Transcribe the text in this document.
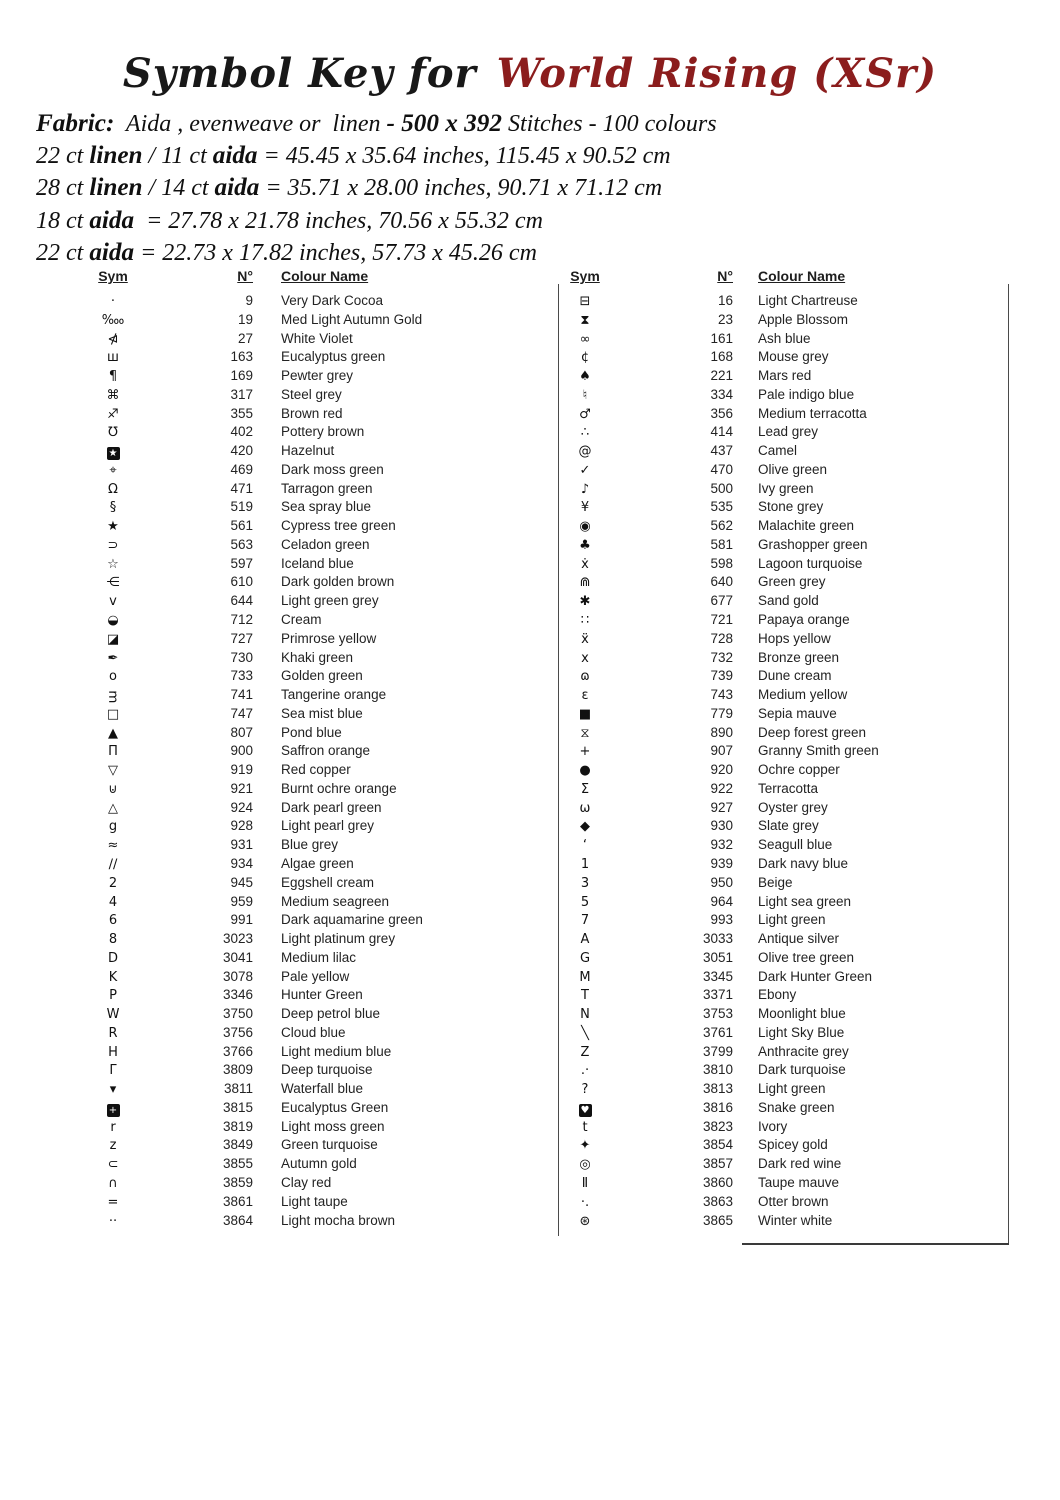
Symbol Key for World Rising (XSr)
Fabric:  Aida , evenweave or  linen - 500 x 392 Stitches - 100 colours
22 ct linen / 11 ct aida = 45.45 x 35.64 inches, 115.45 x 90.52 cm
28 ct linen / 14 ct aida = 35.71 x 28.00 inches, 90.71 x 71.12 cm
18 ct aida  = 27.78 x 21.78 inches, 70.56 x 55.32 cm
22 ct aida = 22.73 x 17.82 inches, 57.73 x 45.26 cm
Sym	N°	Colour Name
·	9	Very Dark Cocoa
‱	19	Med Light Autumn Gold
⋪	27	White Violet
ш	163	Eucalyptus green
¶	169	Pewter grey
⌘	317	Steel grey
♐	355	Brown red
℧	402	Pottery brown
★	420	Hazelnut
⌖	469	Dark moss green
Ω	471	Tarragon green
§	519	Sea spray blue
★	561	Cypress tree green
⊃	563	Celadon green
☆	597	Iceland blue
⋲	610	Dark golden brown
ᴠ	644	Light green grey
◒	712	Cream
◪	727	Primrose yellow
✒	730	Khaki green
o	733	Golden green
ᴟ	741	Tangerine orange
□	747	Sea mist blue
▲	807	Pond blue
Π	900	Saffron orange
▽	919	Red copper
⊍	921	Burnt ochre orange
△	924	Dark pearl green
g	928	Light pearl grey
≈	931	Blue grey
∕∕	934	Algae green
2	945	Eggshell cream
4	959	Medium seagreen
6	991	Dark aquamarine green
8	3023	Light platinum grey
D	3041	Medium lilac
K	3078	Pale yellow
P	3346	Hunter Green
W	3750	Deep petrol blue
R	3756	Cloud blue
H	3766	Light medium blue
Γ	3809	Deep turquoise
▾	3811	Waterfall blue
+	3815	Eucalyptus Green
r	3819	Light moss green
z	3849	Green turquoise
⊂	3855	Autumn gold
∩	3859	Clay red
=	3861	Light taupe
··	3864	Light mocha brown
Sym	N°	Colour Name
⊟	16	Light Chartreuse
⧗	23	Apple Blossom
∞	161	Ash blue
¢	168	Mouse grey
♠	221	Mars red
♮	334	Pale indigo blue
♂	356	Medium terracotta
∴	414	Lead grey
@	437	Camel
✓	470	Olive green
♪	500	Ivy green
¥	535	Stone grey
◉	562	Malachite green
♣	581	Grashopper green
ẋ	598	Lagoon turquoise
⋒	640	Green grey
✱	677	Sand gold
∷	721	Papaya orange
ẍ	728	Hops yellow
x	732	Bronze green
ɷ	739	Dune cream
ɛ	743	Medium yellow
■	779	Sepia mauve
⧖	890	Deep forest green
+	907	Granny Smith green
●	920	Ochre copper
Σ	922	Terracotta
ω	927	Oyster grey
◆	930	Slate grey
‘	932	Seagull blue
1	939	Dark navy blue
3	950	Beige
5	964	Light sea green
7	993	Light green
A	3033	Antique silver
G	3051	Olive tree green
M	3345	Dark Hunter Green
T	3371	Ebony
N	3753	Moonlight blue
╲	3761	Light Sky Blue
Z	3799	Anthracite grey
.·	3810	Dark turquoise
?	3813	Light green
♥	3816	Snake green
t	3823	Ivory
✦	3854	Spicey gold
◎	3857	Dark red wine
Ⅱ	3860	Taupe mauve
·.	3863	Otter brown
⊛	3865	Winter white
